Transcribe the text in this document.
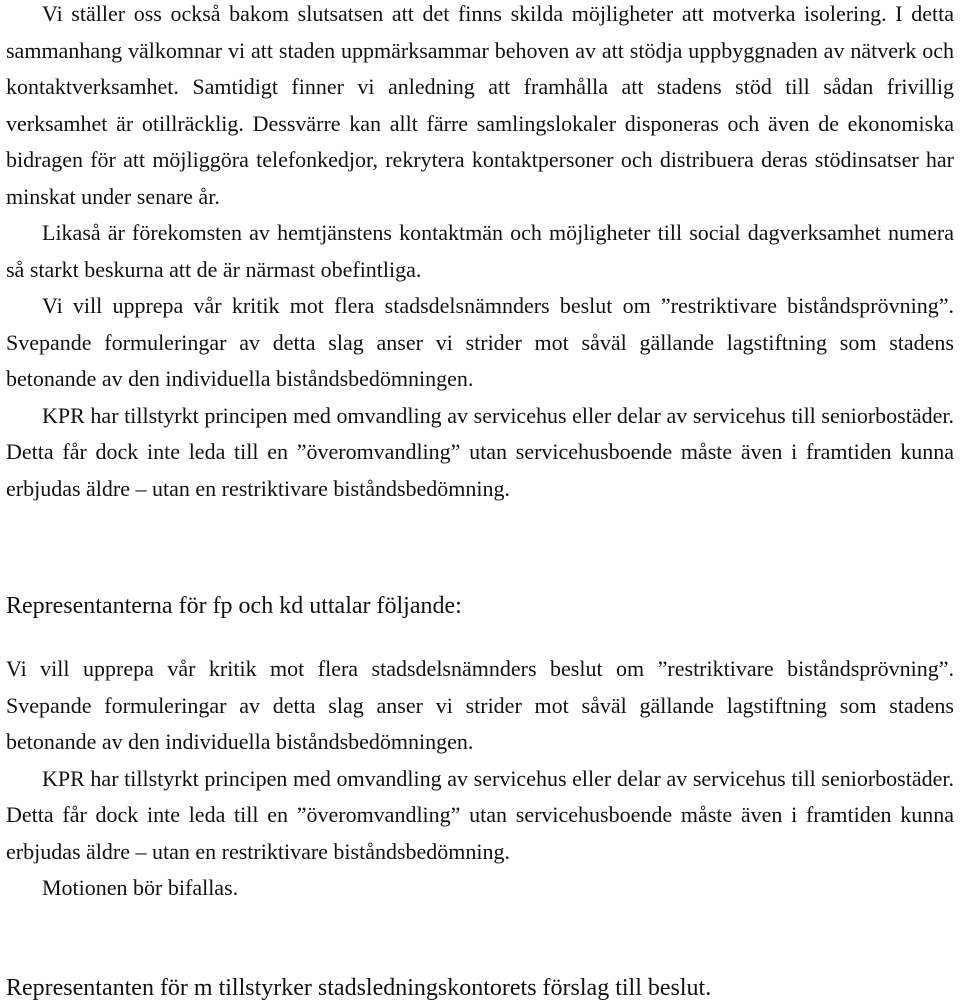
Vi ställer oss också bakom slutsatsen att det finns skilda möjligheter att motverka isolering. I detta sammanhang välkomnar vi att staden uppmärksammar behoven av att stödja uppbyggnaden av nätverk och kontaktverksamhet. Samtidigt finner vi anledning att framhålla att stadens stöd till sådan frivillig verksamhet är otillräcklig. Dessvärre kan allt färre samlingslokaler disponeras och även de ekonomiska bidragen för att möjliggöra telefonkedjor, rekrytera kontaktpersoner och distribuera deras stödinsatser har minskat under senare år.

Likaså är förekomsten av hemtjänstens kontaktmän och möjligheter till social dagverksamhet numera så starkt beskurna att de är närmast obefintliga.

Vi vill upprepa vår kritik mot flera stadsdelsnämnders beslut om ”restriktivare biståndsprövning”. Svepande formuleringar av detta slag anser vi strider mot såväl gällande lagstiftning som stadens betonande av den individuella biståndsbedömningen.

KPR har tillstyrkt principen med omvandling av servicehus eller delar av servicehus till seniorbostäder. Detta får dock inte leda till en ”överomvandling” utan servicehusboende måste även i framtiden kunna erbjudas äldre – utan en restriktivare biståndsbedömning.

Representanterna för fp och kd uttalar följande:

Vi vill upprepa vår kritik mot flera stadsdelsnämnders beslut om ”restriktivare biståndsprövning”. Svepande formuleringar av detta slag anser vi strider mot såväl gällande lagstiftning som stadens betonande av den individuella biståndsbedömningen.

KPR har tillstyrkt principen med omvandling av servicehus eller delar av servicehus till seniorbostäder. Detta får dock inte leda till en ”överomvandling” utan servicehusboende måste även i framtiden kunna erbjudas äldre – utan en restriktivare biståndsbedömning.

Motionen bör bifallas.

Representanten för m tillstyrker stadsledningskontorets förslag till beslut.
